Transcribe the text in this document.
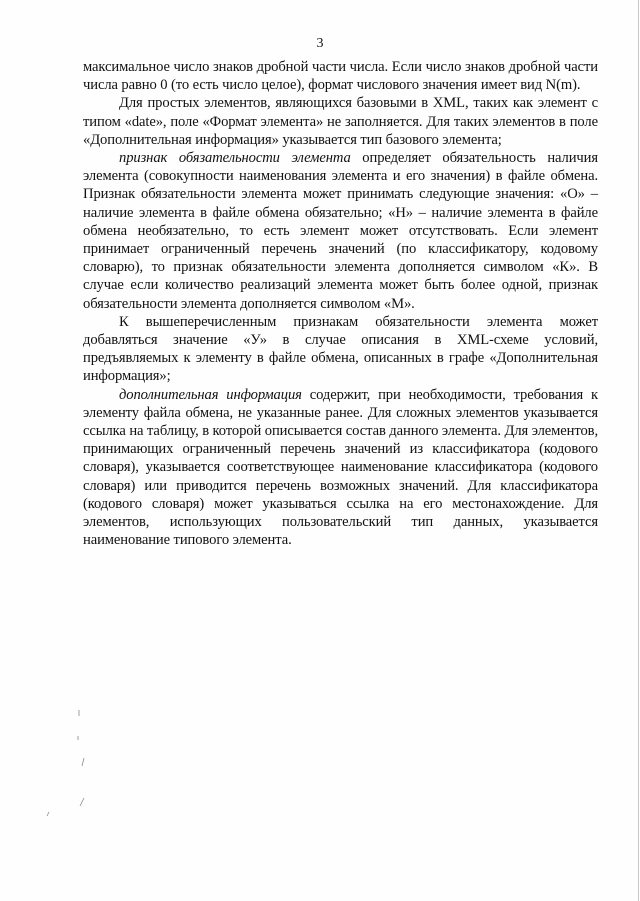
3

максимальное число знаков дробной части числа. Если число знаков дробной части числа равно 0 (то есть число целое), формат числового значения имеет вид N(m).

Для простых элементов, являющихся базовыми в XML, таких как элемент с типом «date», поле «Формат элемента» не заполняется. Для таких элементов в поле «Дополнительная информация» указывается тип базового элемента;

признак обязательности элемента определяет обязательность наличия элемента (совокупности наименования элемента и его значения) в файле обмена. Признак обязательности элемента может принимать следующие значения: «О» – наличие элемента в файле обмена обязательно; «Н» – наличие элемента в файле обмена необязательно, то есть элемент может отсутствовать. Если элемент принимает ограниченный перечень значений (по классификатору, кодовому словарю), то признак обязательности элемента дополняется символом «К». В случае если количество реализаций элемента может быть более одной, признак обязательности элемента дополняется символом «М».

К вышеперечисленным признакам обязательности элемента может добавляться значение «У» в случае описания в XML-схеме условий, предъявляемых к элементу в файле обмена, описанных в графе «Дополнительная информация»;

дополнительная информация содержит, при необходимости, требования к элементу файла обмена, не указанные ранее. Для сложных элементов указывается ссылка на таблицу, в которой описывается состав данного элемента. Для элементов, принимающих ограниченный перечень значений из классификатора (кодового словаря), указывается соответствующее наименование классификатора (кодового словаря) или приводится перечень возможных значений. Для классификатора (кодового словаря) может указываться ссылка на его местонахождение. Для элементов, использующих пользовательский тип данных, указывается наименование типового элемента.
